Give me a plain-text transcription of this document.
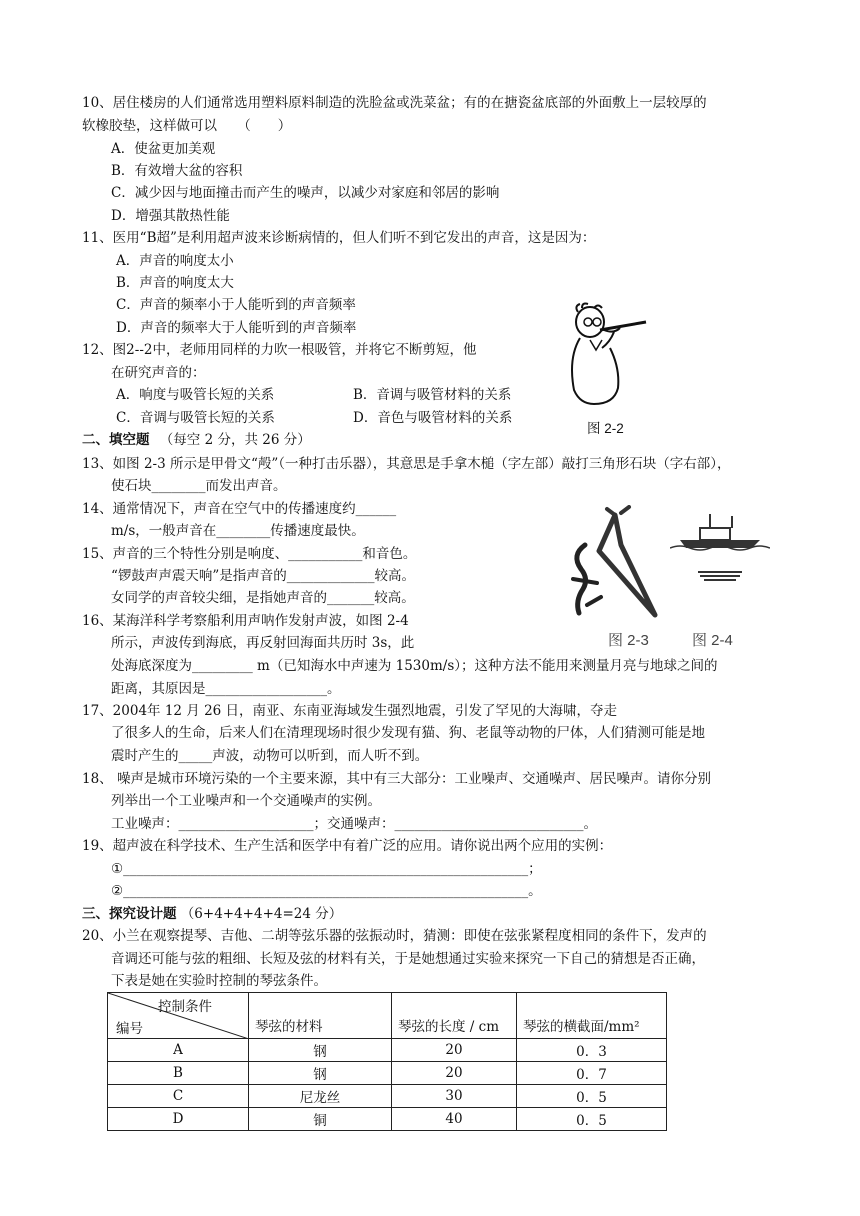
10、居住楼房的人们通常选用塑料原料制造的洗脸盆或洗菜盆；有的在搪瓷盆底部的外面敷上一层较厚的
软橡胶垫，这样做可以　　（　　）
A．使盆更加美观
B．有效增大盆的容积
C．减少因与地面撞击而产生的噪声，以减少对家庭和邻居的影响
D．增强其散热性能
11、医用“B超”是利用超声波来诊断病情的，但人们听不到它发出的声音，这是因为：
A．声音的响度太小
B．声音的响度太大
C．声音的频率小于人能听到的声音频率
D．声音的频率大于人能听到的声音频率
12、图2--2中，老师用同样的力吹一根吸管，并将它不断剪短，他
在研究声音的：
A．响度与吸管长短的关系	B．音调与吸管材料的关系
C．音调与吸管长短的关系	D．音色与吸管材料的关系
图 2-2
二、填空题 （每空 2 分，共 26 分）
13、如图 2-3 所示是甲骨文“殸”（一种打击乐器），其意思是手拿木槌（字左部）敲打三角形石块（字右部），
使石块________而发出声音。
14、通常情况下，声音在空气中的传播速度约______
m/s，一般声音在________传播速度最快。
15、声音的三个特性分别是响度、___________和音色。
“锣鼓声声震天响”是指声音的_____________较高。
女同学的声音较尖细，是指她声音的_______较高。
16、某海洋科学考察船利用声呐作发射声波，如图 2-4
所示，声波传到海底，再反射回海面共历时 3s，此
处海底深度为_________ m（已知海水中声速为 1530m/s）；这种方法不能用来测量月亮与地球之间的
距离，其原因是__________________。
图 2-3	图 2-4
17、2004年 12 月 26 日，南亚、东南亚海域发生强烈地震，引发了罕见的大海啸，夺走
了很多人的生命，后来人们在清理现场时很少发现有猫、狗、老鼠等动物的尸体，人们猜测可能是地
震时产生的_____声波，动物可以听到，而人听不到。
18、 噪声是城市环境污染的一个主要来源，其中有三大部分：工业噪声、交通噪声、居民噪声。请你分别
列举出一个工业噪声和一个交通噪声的实例。
工业噪声：____________________；交通噪声：____________________________。
19、超声波在科学技术、生产生活和医学中有着广泛的应用。请你说出两个应用的实例：
①____________________________________________________________；
②____________________________________________________________。
三、探究设计题 （6+4+4+4+4=24 分）
20、小兰在观察提琴、吉他、二胡等弦乐器的弦振动时，猜测：即使在弦张紧程度相同的条件下，发声的
音调还可能与弦的粗细、长短及弦的材料有关，于是她想通过实验来探究一下自己的猜想是否正确，
下表是她在实验时控制的琴弦条件。
控制条件
编号	琴弦的材料	琴弦的长度 / cm	琴弦的横截面/mm²
A	钢	20	0．3
B	钢	20	0．7
C	尼龙丝	30	0．5
D	铜	40	0．5
